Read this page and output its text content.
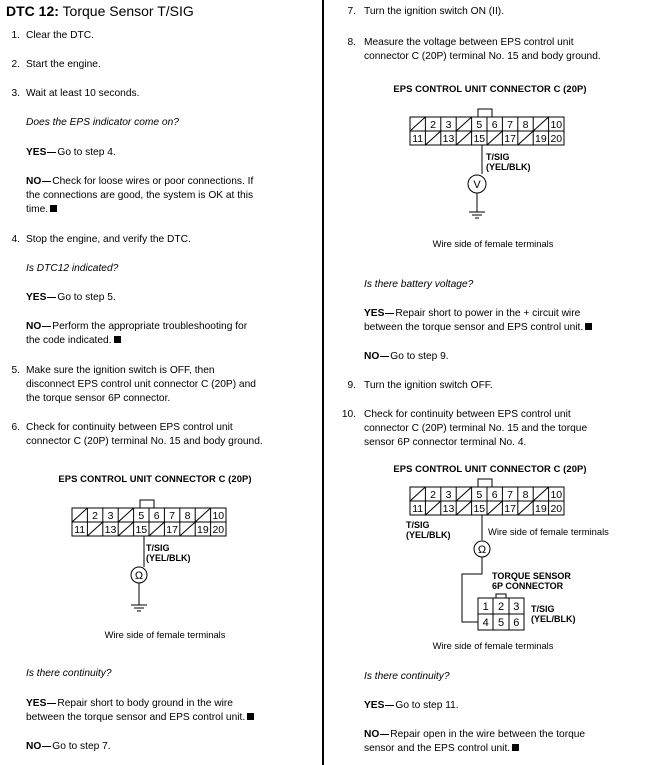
DTC 12: Torque Sensor T/SIG
1. Clear the DTC.
2. Start the engine.
3. Wait at least 10 seconds.
Does the EPS indicator come on?
YES Go to step 4.
NO Check for loose wires or poor connections. If
the connections are good, the system is OK at this
time.
4. Stop the engine, and verify the DTC.
Is DTC12 indicated?
YES Go to step 5.
NO Perform the appropriate troubleshooting for
the code indicated.
5. Make sure the ignition switch is OFF, then
disconnect EPS control unit connector C (20P) and
the torque sensor 6P connector.
6. Check for continuity between EPS control unit
connector C (20P) terminal No. 15 and body ground.
EPS CONTROL UNIT CONNECTOR C (20P)
2 3 5 6 7 8 10
11 13 15 17 19 20
Ω
T/SIG
(YEL/BLK)
Wire side of female terminals
Is there continuity?
YES Repair short to body ground in the wire
between the torque sensor and EPS control unit.
NO Go to step 7.
7. Turn the ignition switch ON (II).
8. Measure the voltage between EPS control unit
connector C (20P) terminal No. 15 and body ground.
EPS CONTROL UNIT CONNECTOR C (20P)
2 3 5 6 7 8 10
11 13 15 17 19 20
V
T/SIG
(YEL/BLK)
Wire side of female terminals
Is there battery voltage?
YES Repair short to power in the + circuit wire
between the torque sensor and EPS control unit.
NO Go to step 9.
9. Turn the ignition switch OFF.
10. Check for continuity between EPS control unit
connector C (20P) terminal No. 15 and the torque
sensor 6P connector terminal No. 4.
EPS CONTROL UNIT CONNECTOR C (20P)
2 3 5 6 7 8 10
11 13 15 17 19 20
Ω
1 2 3
4 5 6
T/SIG
(YEL/BLK)	Wire side of female terminals
TORQUE SENSOR
6P CONNECTOR
T/SIG
(YEL/BLK)
Wire side of female terminals
Is there continuity?
YES Go to step 11.
NO Repair open in the wire between the torque
sensor and the EPS control unit.
